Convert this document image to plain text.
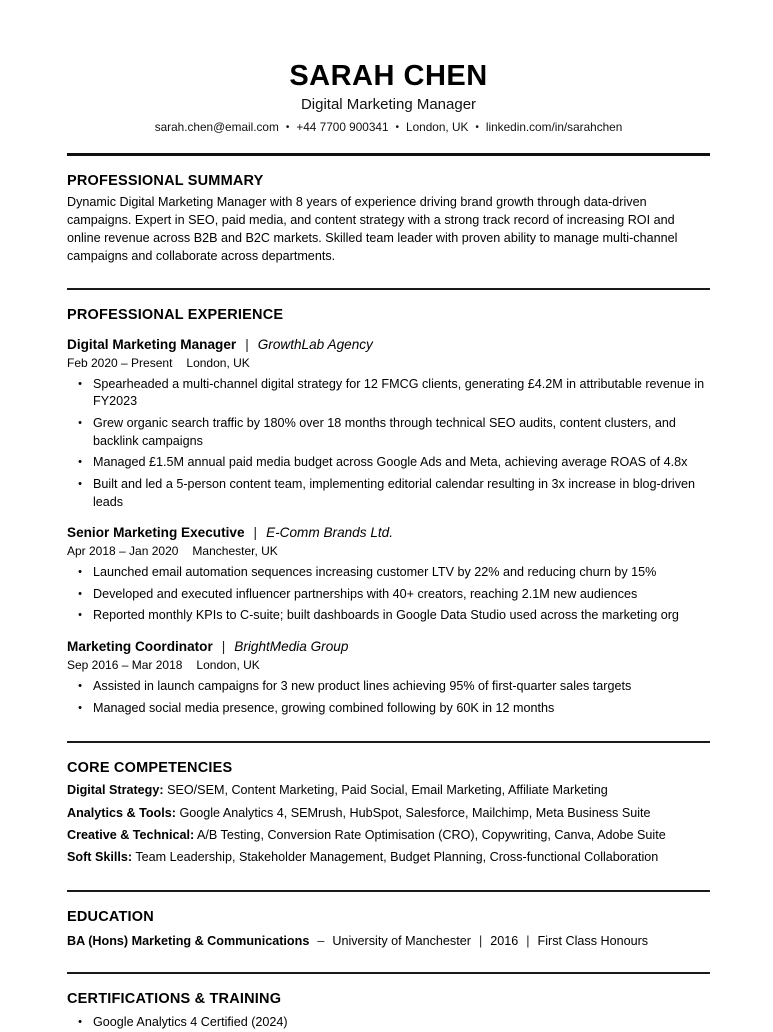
SARAH CHEN
Digital Marketing Manager
sarah.chen@email.com • +44 7700 900341 • London, UK • linkedin.com/in/sarahchen
PROFESSIONAL SUMMARY
Dynamic Digital Marketing Manager with 8 years of experience driving brand growth through data-driven campaigns. Expert in SEO, paid media, and content strategy with a strong track record of increasing ROI and online revenue across B2B and B2C markets. Skilled team leader with proven ability to manage multi-channel campaigns and collaborate across departments.
PROFESSIONAL EXPERIENCE
Digital Marketing Manager | GrowthLab Agency
Feb 2020 – Present London, UK
• Spearheaded a multi-channel digital strategy for 12 FMCG clients, generating £4.2M in attributable revenue in FY2023
• Grew organic search traffic by 180% over 18 months through technical SEO audits, content clusters, and backlink campaigns
• Managed £1.5M annual paid media budget across Google Ads and Meta, achieving average ROAS of 4.8x
• Built and led a 5-person content team, implementing editorial calendar resulting in 3x increase in blog-driven leads
Senior Marketing Executive | E-Comm Brands Ltd.
Apr 2018 – Jan 2020 Manchester, UK
• Launched email automation sequences increasing customer LTV by 22% and reducing churn by 15%
• Developed and executed influencer partnerships with 40+ creators, reaching 2.1M new audiences
• Reported monthly KPIs to C-suite; built dashboards in Google Data Studio used across the marketing org
Marketing Coordinator | BrightMedia Group
Sep 2016 – Mar 2018 London, UK
• Assisted in launch campaigns for 3 new product lines achieving 95% of first-quarter sales targets
• Managed social media presence, growing combined following by 60K in 12 months
CORE COMPETENCIES
Digital Strategy: SEO/SEM, Content Marketing, Paid Social, Email Marketing, Affiliate Marketing
Analytics & Tools: Google Analytics 4, SEMrush, HubSpot, Salesforce, Mailchimp, Meta Business Suite
Creative & Technical: A/B Testing, Conversion Rate Optimisation (CRO), Copywriting, Canva, Adobe Suite
Soft Skills: Team Leadership, Stakeholder Management, Budget Planning, Cross-functional Collaboration
EDUCATION
BA (Hons) Marketing & Communications – University of Manchester | 2016 | First Class Honours
CERTIFICATIONS & TRAINING
• Google Analytics 4 Certified (2024)
